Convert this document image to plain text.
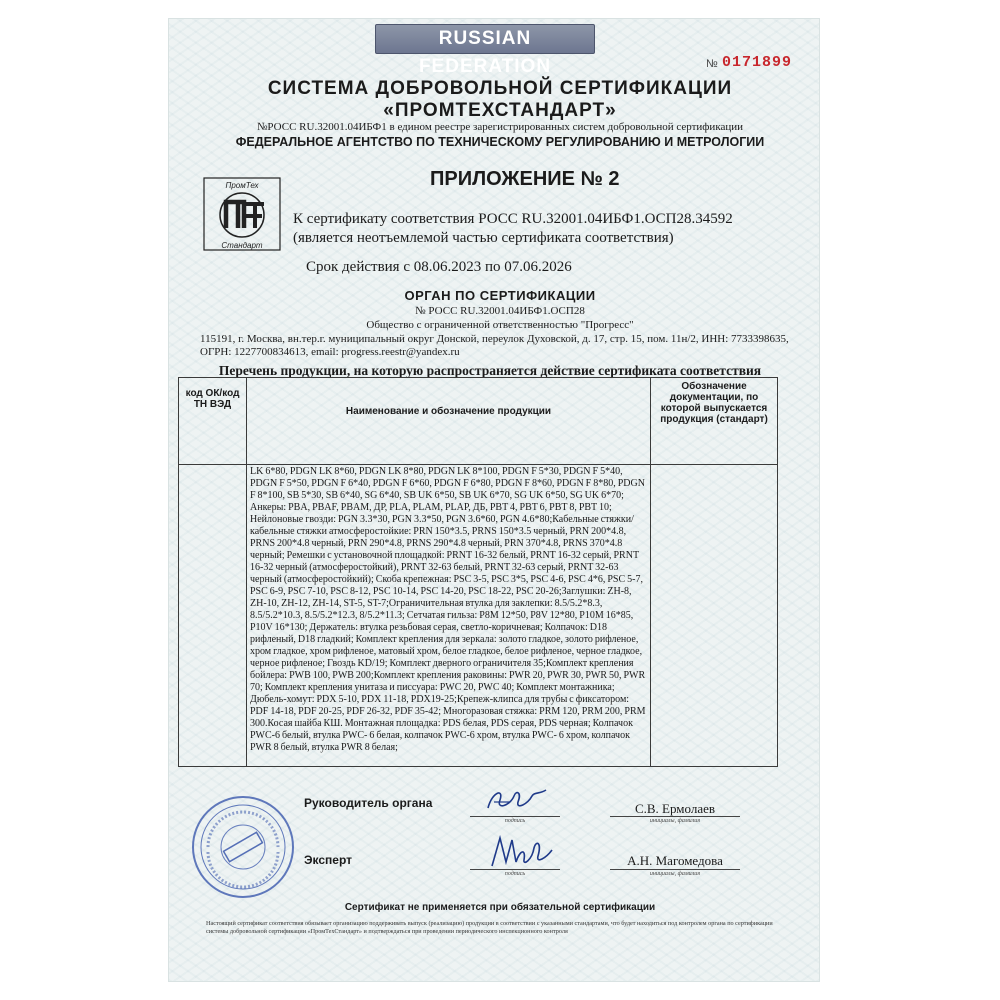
RUSSIAN FEDERATION	№ 0171899
СИСТЕМА ДОБРОВОЛЬНОЙ СЕРТИФИКАЦИИ
«ПРОМТЕХСТАНДАРТ»
№РОСС RU.32001.04ИБФ1 в едином реестре зарегистрированных систем добровольной сертификации
ФЕДЕРАЛЬНОЕ АГЕНТСТВО ПО ТЕХНИЧЕСКОМУ РЕГУЛИРОВАНИЮ И МЕТРОЛОГИИ
ПромТех
Стандарт
ПРИЛОЖЕНИЕ № 2
К сертификату соответствия РОСС RU.32001.04ИБФ1.ОСП28.34592
(является неотъемлемой частью сертификата соответствия)
Срок действия с 08.06.2023 по 07.06.2026
ОРГАН ПО СЕРТИФИКАЦИИ
№ РОСС RU.32001.04ИБФ1.ОСП28
Общество с ограниченной ответственностью "Прогресс"
115191, г. Москва, вн.тер.г. муниципальный округ Донской, переулок Духовской, д. 17, стр. 15, пом. 11н/2, ИНН: 7733398635, ОГРН: 1227700834613, email: progress.reestr@yandex.ru
Перечень продукции, на которую распространяется действие сертификата соответствия
код ОК/код ТН ВЭД	Наименование и обозначение продукции	Обозначение документации, по которой выпускается продукция (стандарт)
	LK 6*80, PDGN LK 8*60, PDGN LK 8*80, PDGN LK 8*100, PDGN F 5*30, PDGN F 5*40, PDGN F 5*50, PDGN F 6*40, PDGN F 6*60, PDGN F 6*80, PDGN F 8*60, PDGN F 8*80, PDGN F 8*100, SB 5*30, SB 6*40, SG 6*40, SB UK 6*50, SB UK 6*70, SG UK 6*50, SG UK 6*70; Анкеры: PBA, PBAF, PBAM, ДР, PLA, PLAM, PLAP, ДБ, PBT 4, PBT 6, PBT 8, PBT 10; Нейлоновые гвозди: PGN 3.3*30, PGN 3.3*50, PGN 3.6*60, PGN 4.6*80;Кабельные стяжки/кабельные стяжки атмосферостойкие: PRN 150*3.5, PRNS 150*3.5 черный, PRN 200*4.8, PRNS 200*4.8 черный, PRN 290*4.8, PRNS 290*4.8 черный, PRN 370*4.8, PRNS 370*4.8 черный; Ремешки с установочной площадкой: PRNT 16-32 белый, PRNT 16-32 серый, PRNT 16-32 черный (атмосферостойкий), PRNT 32-63 белый, PRNT 32-63 серый, PRNT 32-63 черный (атмосферостойкий); Скоба крепежная: PSC 3-5, PSC 3*5, PSC 4-6, PSC 4*6, PSC 5-7, PSC 6-9, PSC 7-10, PSC 8-12, PSC 10-14, PSC 14-20, PSC 18-22, PSC 20-26;Заглушки: ZH-8, ZH-10, ZH-12, ZH-14, ST-5, ST-7;Ограничительная втулка для заклепки: 8.5/5.2*8.3, 8.5/5.2*10.3, 8.5/5.2*12.3, 8/5.2*11.3; Сетчатая гильза: P8M 12*50, P8V 12*80, P10M 16*85, P10V 16*130; Держатель: втулка резьбовая серая, светло-коричневая; Колпачок: D18 рифленый, D18 гладкий; Комплект крепления для зеркала: золото гладкое, золото рифленое, хром гладкое, хром рифленое, матовый хром, белое гладкое, белое рифленое, черное гладкое, черное рифленое; Гвоздь KD/19; Комплект дверного ограничителя 35;Комплект крепления бойлера: PWB 100, PWB 200;Комплект крепления раковины: PWR 20, PWR 30, PWR 50, PWR 70; Комплект крепления унитаза и писсуара: PWC 20, PWC 40; Комплект монтажника; Дюбель-хомут: PDX 5-10, PDX 11-18, PDX19-25;Крепеж-клипса для трубы с фиксатором: PDF 14-18, PDF 20-25, PDF 26-32, PDF 35-42; Многоразовая стяжка: PRM 120, PRM 200, PRM 300.Косая шайба КШ. Монтажная площадка: PDS белая, PDS серая, PDS черная; Колпачок PWC-6 белый, втулка PWC- 6 белая, колпачок PWC-6 хром, втулка PWC- 6 хром, колпачок PWR 8 белый, втулка PWR 8 белая;	
Руководитель органа
подпись
С.В. Ермолаев
инициалы, фамилия
Эксперт
подпись
А.Н. Магомедова
инициалы, фамилия
Сертификат не применяется при обязательной сертификации
Настоящий сертификат соответствия обязывает организацию поддерживать выпуск (реализацию) продукции в соответствии с указанными стандартами, что будет находиться под контролем органа по сертификации системы добровольной сертификации «ПромТехСтандарт» и подтверждаться при проведении периодического инспекционного контроля
